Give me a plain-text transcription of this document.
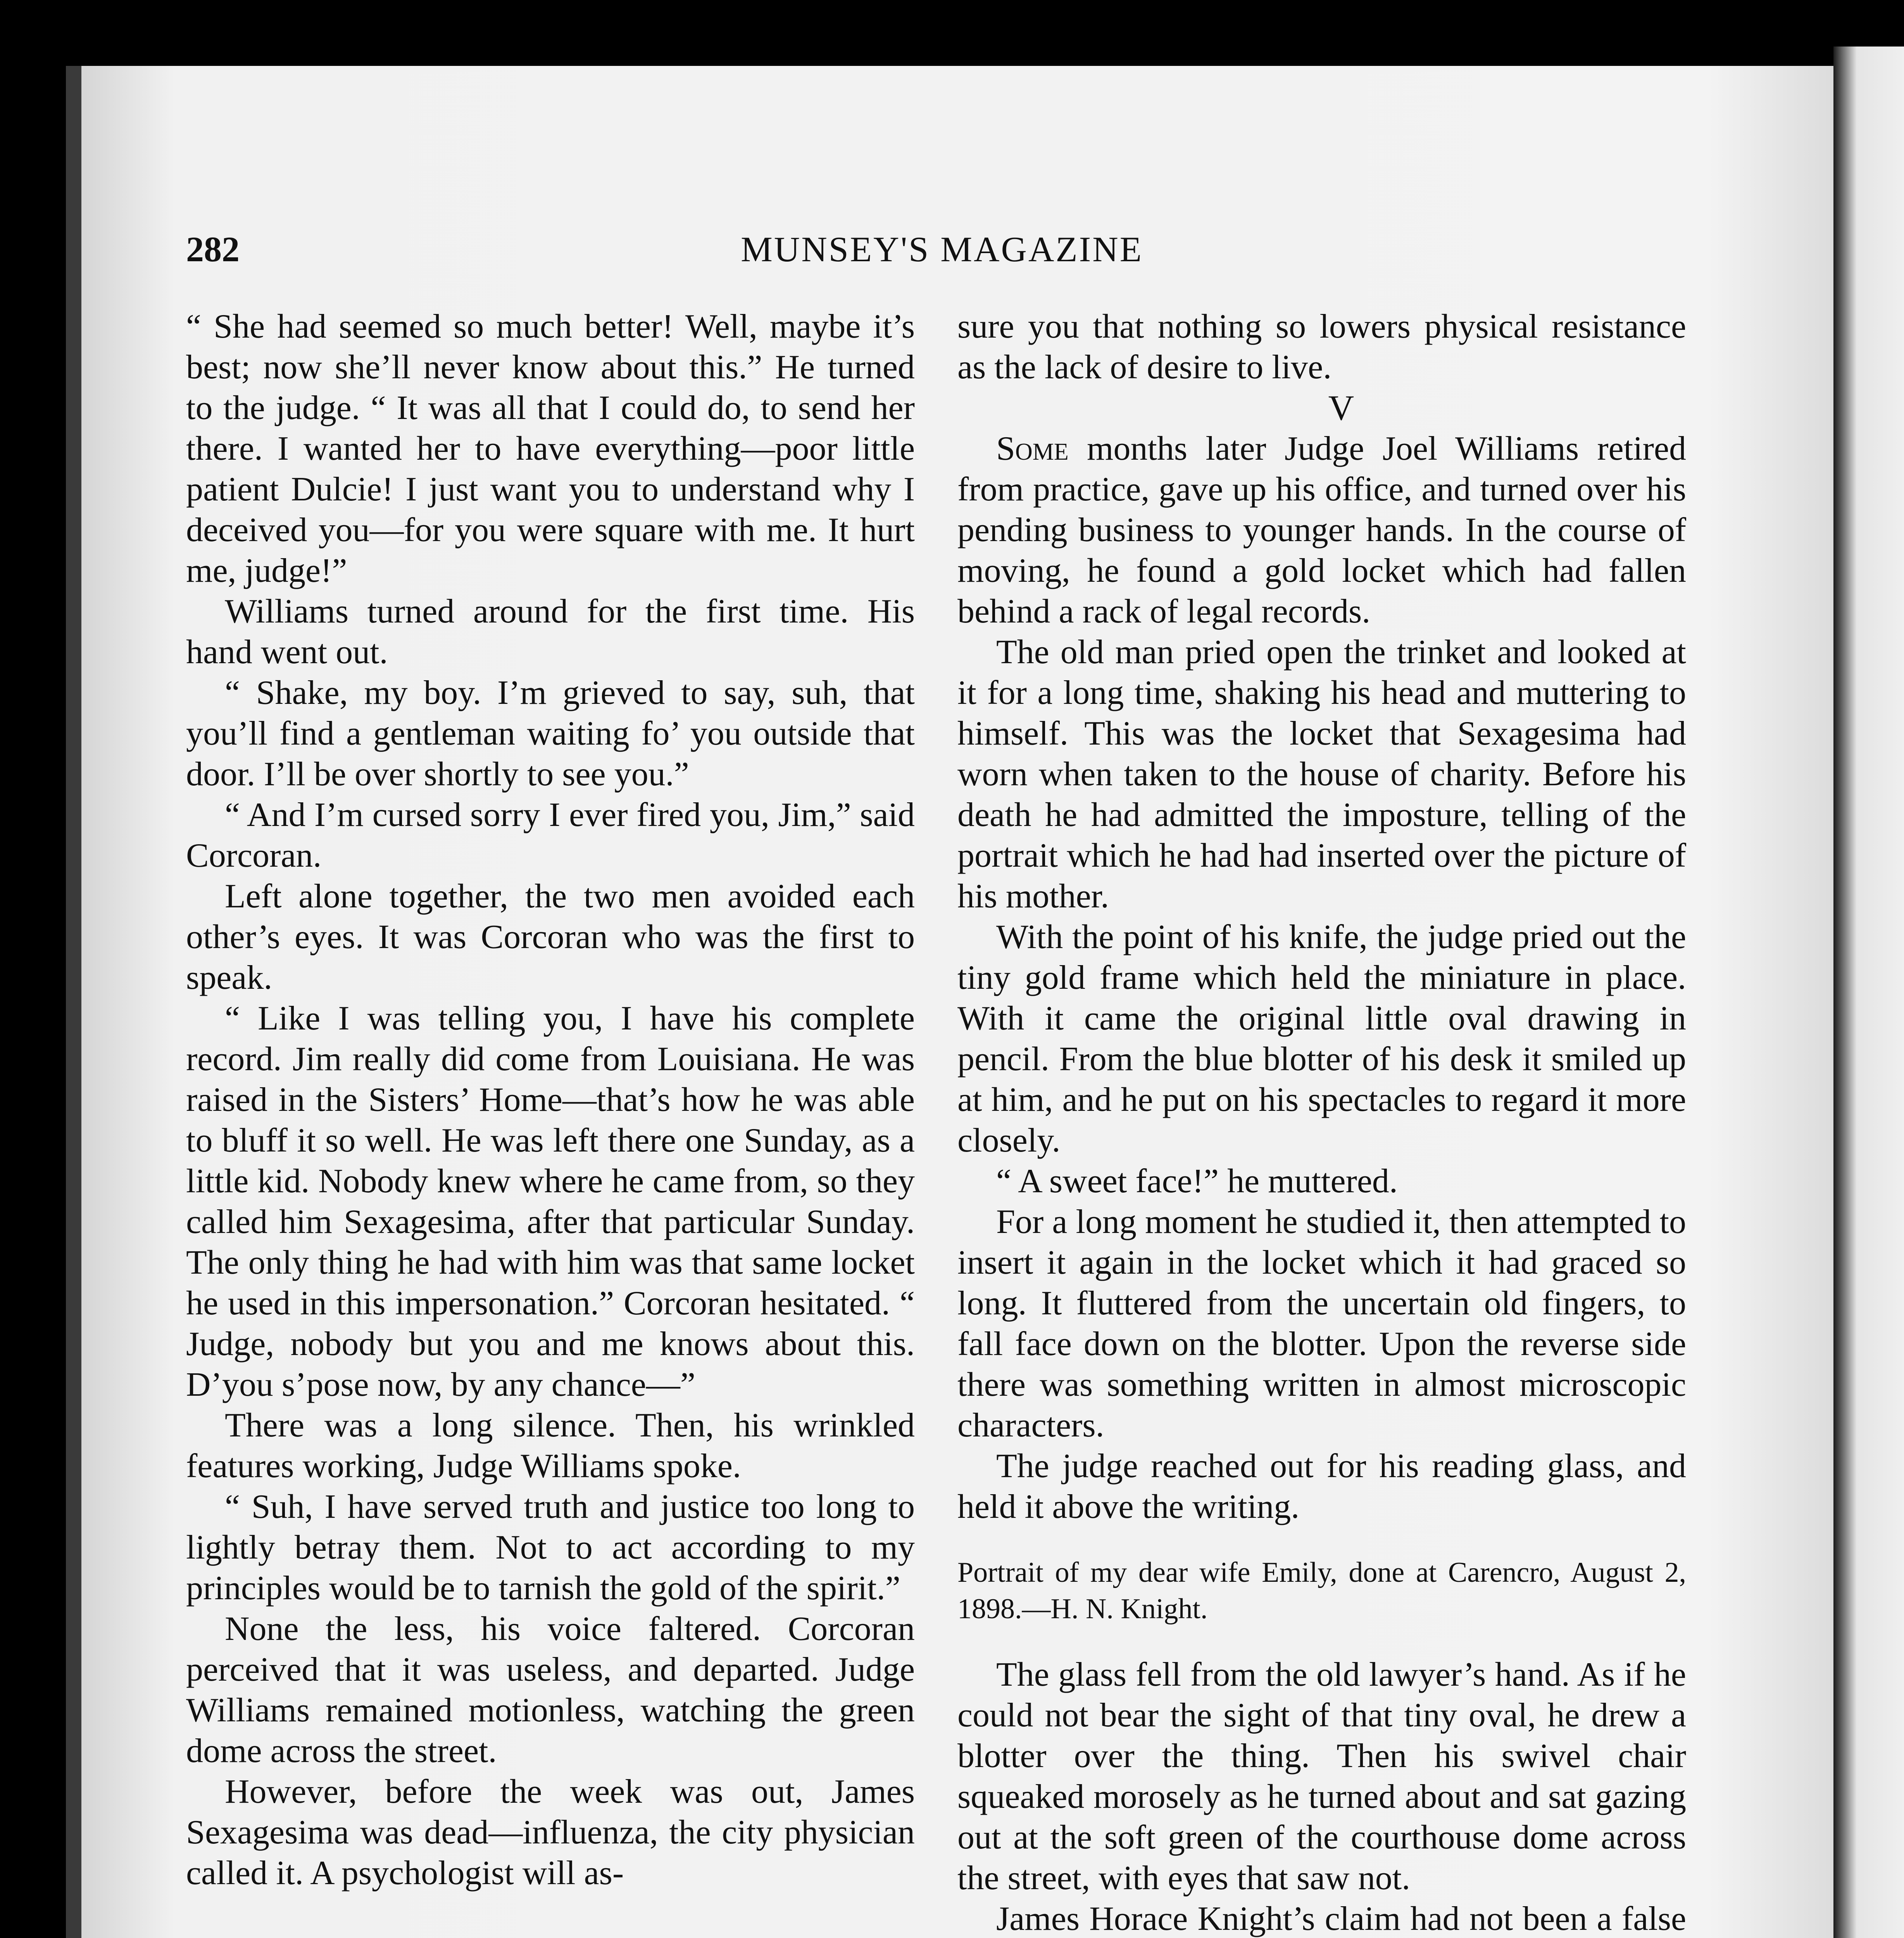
282	MUNSEY'S MAGAZINE

“ She had seemed so much better! Well, maybe it’s best; now she’ll never know about this.” He turned to the judge. “ It was all that I could do, to send her there. I wanted her to have everything—poor little patient Dulcie! I just want you to understand why I deceived you—for you were square with me. It hurt me, judge!”

Williams turned around for the first time. His hand went out.

“ Shake, my boy. I’m grieved to say, suh, that you’ll find a gentleman waiting fo’ you outside that door. I’ll be over shortly to see you.”

“ And I’m cursed sorry I ever fired you, Jim,” said Corcoran.

Left alone together, the two men avoided each other’s eyes. It was Corcoran who was the first to speak.

“ Like I was telling you, I have his complete record. Jim really did come from Louisiana. He was raised in the Sisters’ Home—that’s how he was able to bluff it so well. He was left there one Sunday, as a little kid. Nobody knew where he came from, so they called him Sexagesima, after that particular Sunday. The only thing he had with him was that same locket he used in this impersonation.” Corcoran hesitated. “ Judge, nobody but you and me knows about this. D’you s’pose now, by any chance—”

There was a long silence. Then, his wrinkled features working, Judge Williams spoke.

“ Suh, I have served truth and justice too long to lightly betray them. Not to act according to my principles would be to tarnish the gold of the spirit.”

None the less, his voice faltered. Corcoran perceived that it was useless, and departed. Judge Williams remained motionless, watching the green dome across the street.

However, before the week was out, James Sexagesima was dead—influenza, the city physician called it. A psychologist will as-

sure you that nothing so lowers physical resistance as the lack of desire to live.

V

Some months later Judge Joel Williams retired from practice, gave up his office, and turned over his pending business to younger hands. In the course of moving, he found a gold locket which had fallen behind a rack of legal records.

The old man pried open the trinket and looked at it for a long time, shaking his head and muttering to himself. This was the locket that Sexagesima had worn when taken to the house of charity. Before his death he had admitted the imposture, telling of the portrait which he had had inserted over the picture of his mother.

With the point of his knife, the judge pried out the tiny gold frame which held the miniature in place. With it came the original little oval drawing in pencil. From the blue blotter of his desk it smiled up at him, and he put on his spectacles to regard it more closely.

“ A sweet face!” he muttered.

For a long moment he studied it, then attempted to insert it again in the locket which it had graced so long. It fluttered from the uncertain old fingers, to fall face down on the blotter. Upon the reverse side there was something written in almost microscopic characters.

The judge reached out for his reading glass, and held it above the writing.

Portrait of my dear wife Emily, done at Carencro, August 2, 1898.—H. N. Knight.

The glass fell from the old lawyer’s hand. As if he could not bear the sight of that tiny oval, he drew a blotter over the thing. Then his swivel chair squeaked morosely as he turned about and sat gazing out at the soft green of the courthouse dome across the street, with eyes that saw not.

James Horace Knight’s claim had not been a false
